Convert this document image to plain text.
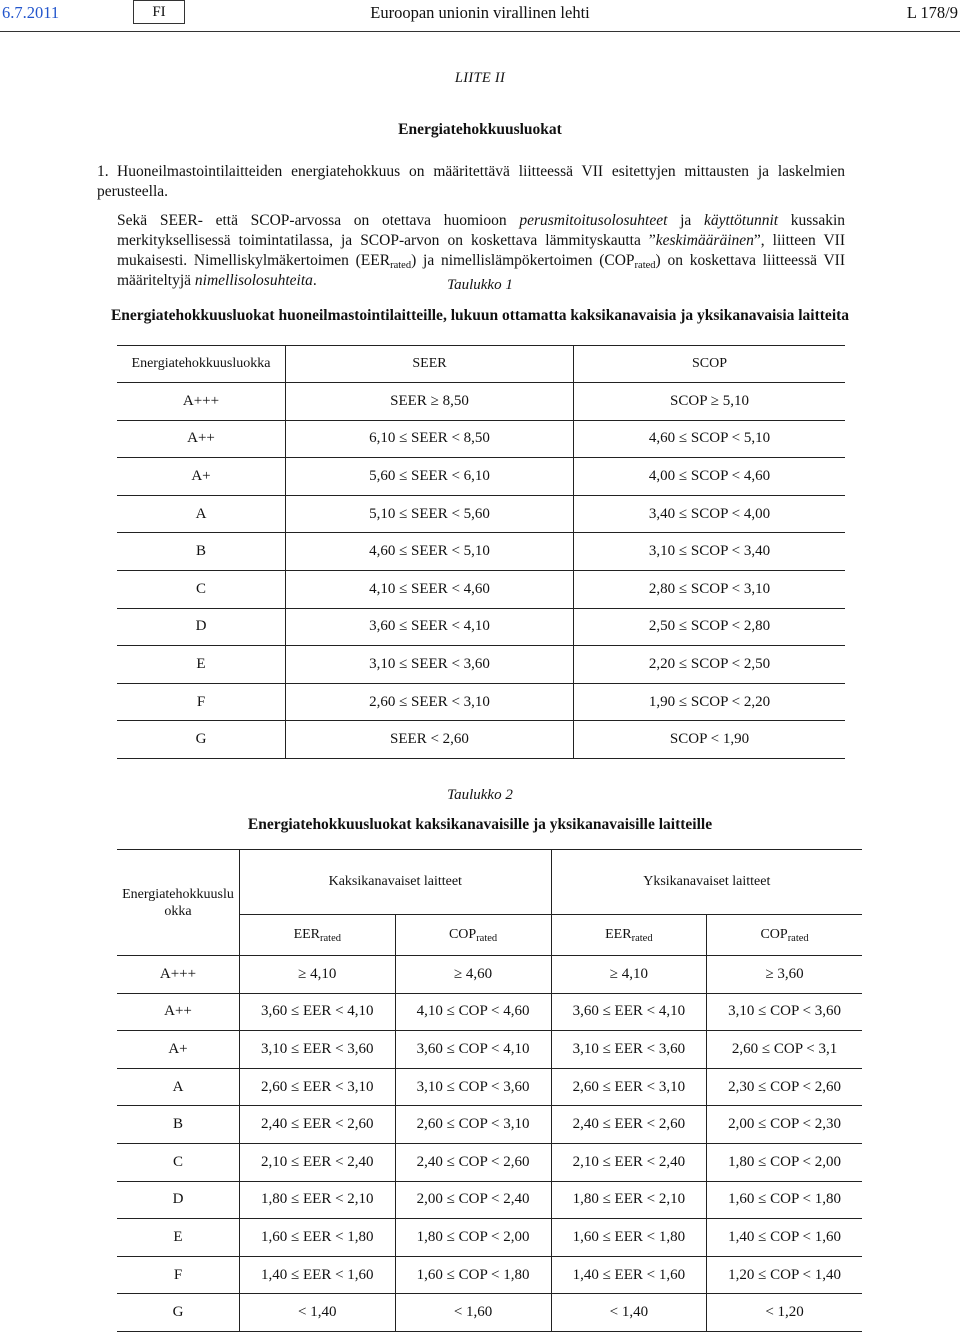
6.7.2011	FI	Euroopan unionin virallinen lehti	L 178/9
LIITE II
Energiatehokkuusluokat
1. Huoneilmastointilaitteiden energiatehokkuus on määritettävä liitteessä VII esitettyjen mittausten ja laskelmien perusteella.
Sekä SEER- että SCOP-arvossa on otettava huomioon perusmitoitusolosuhteet ja käyttötunnit kussakin merkityksellisessä toimintatilassa, ja SCOP-arvon on koskettava lämmityskautta ”keskimääräinen”, liitteen VII mukaisesti. Nimelliskylmäkertoimen $(EER_{rated})$ ja nimellislämpökertoimen $(COP_{rated})$ on koskettava liitteessä VII määriteltyjä nimellisolosuhteita.	Taulukko 1
Energiatehokkuusluokat huoneilmastointilaitteille, lukuun ottamatta kaksikanavaisia ja yksikanavaisia laitteita
Energiatehokkuusluokka	SEER	SCOP
A+++	SEER ≥ 8,50	SCOP ≥ 5,10
A++	6,10 ≤ SEER < 8,50	4,60 ≤ SCOP < 5,10
A+	5,60 ≤ SEER < 6,10	4,00 ≤ SCOP < 4,60
A	5,10 ≤ SEER < 5,60	3,40 ≤ SCOP < 4,00
B	4,60 ≤ SEER < 5,10	3,10 ≤ SCOP < 3,40
C	4,10 ≤ SEER < 4,60	2,80 ≤ SCOP < 3,10
D	3,60 ≤ SEER < 4,10	2,50 ≤ SCOP < 2,80
E	3,10 ≤ SEER < 3,60	2,20 ≤ SCOP < 2,50
F	2,60 ≤ SEER < 3,10	1,90 ≤ SCOP < 2,20
G	SEER < 2,60	SCOP < 1,90
Taulukko 2
Energiatehokkuusluokat kaksikanavaisille ja yksikanavaisille laitteille
Energiatehokkuusluokka	Kaksikanavaiset laitteet		Yksikanavaiset laitteet	
	$EER_{rated}$	$COP_{rated}$	$EER_{rated}$	$COP_{rated}$
A+++	≥ 4,10	≥ 4,60	≥ 4,10	≥ 3,60
A++	3,60 ≤ EER < 4,10	4,10 ≤ COP < 4,60	3,60 ≤ EER < 4,10	3,10 ≤ COP < 3,60
A+	3,10 ≤ EER < 3,60	3,60 ≤ COP < 4,10	3,10 ≤ EER < 3,60	2,60 ≤ COP < 3,1
A	2,60 ≤ EER < 3,10	3,10 ≤ COP < 3,60	2,60 ≤ EER < 3,10	2,30 ≤ COP < 2,60
B	2,40 ≤ EER < 2,60	2,60 ≤ COP < 3,10	2,40 ≤ EER < 2,60	2,00 ≤ COP < 2,30
C	2,10 ≤ EER < 2,40	2,40 ≤ COP < 2,60	2,10 ≤ EER < 2,40	1,80 ≤ COP < 2,00
D	1,80 ≤ EER < 2,10	2,00 ≤ COP < 2,40	1,80 ≤ EER < 2,10	1,60 ≤ COP < 1,80
E	1,60 ≤ EER < 1,80	1,80 ≤ COP < 2,00	1,60 ≤ EER < 1,80	1,40 ≤ COP < 1,60
F	1,40 ≤ EER < 1,60	1,60 ≤ COP < 1,80	1,40 ≤ EER < 1,60	1,20 ≤ COP < 1,40
G	< 1,40	< 1,60	< 1,40	< 1,20
